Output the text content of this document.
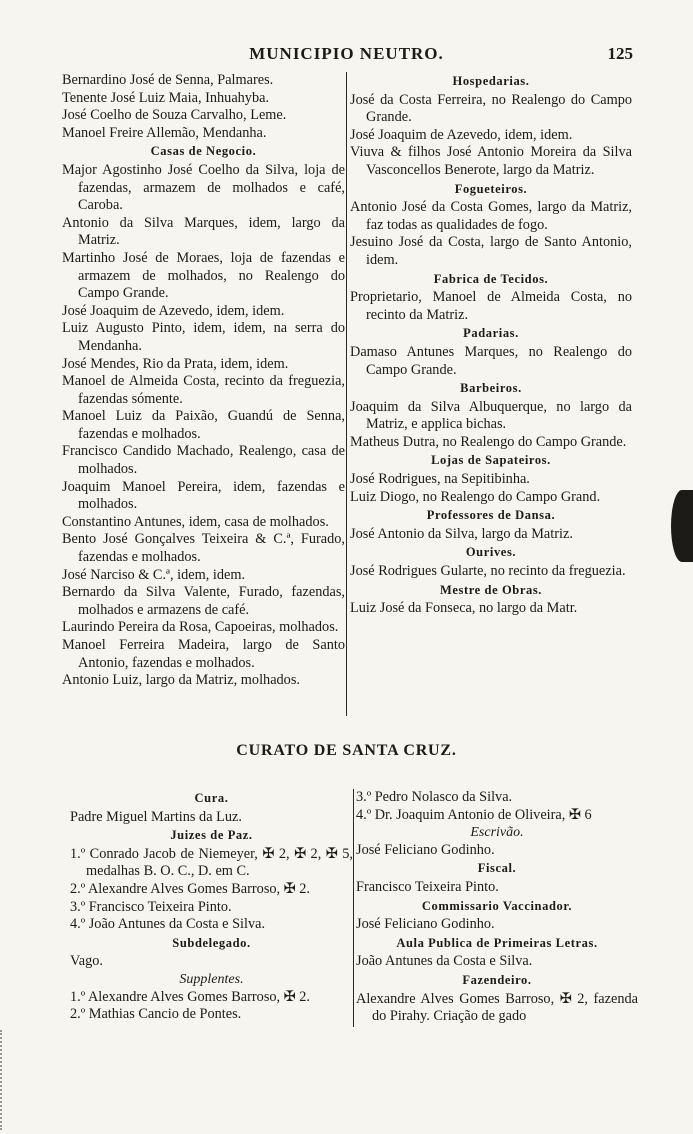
MUNICIPIO NEUTRO.	125
Bernardino José de Senna, Palmares.
Tenente José Luiz Maia, Inhuahyba.
José Coelho de Souza Carvalho, Leme.
Manoel Freire Allemão, Mendanha.
Casas de Negocio.
Major Agostinho José Coelho da Silva, loja de fazendas, armazem de molhados e café, Caroba.
Antonio da Silva Marques, idem, largo da Matriz.
Martinho José de Moraes, loja de fazendas e armazem de molhados, no Realengo do Campo Grande.
José Joaquim de Azevedo, idem, idem.
Luiz Augusto Pinto, idem, idem, na serra do Mendanha.
José Mendes, Rio da Prata, idem, idem.
Manoel de Almeida Costa, recinto da freguezia, fazendas sómente.
Manoel Luiz da Paixão, Guandú de Senna, fazendas e molhados.
Francisco Candido Machado, Realengo, casa de molhados.
Joaquim Manoel Pereira, idem, fazendas e molhados.
Constantino Antunes, idem, casa de molhados.
Bento José Gonçalves Teixeira & C.ª, Furado, fazendas e molhados.
José Narciso & C.ª, idem, idem.
Bernardo da Silva Valente, Furado, fazendas, molhados e armazens de café.
Laurindo Pereira da Rosa, Capoeiras, molhados.
Manoel Ferreira Madeira, largo de Santo Antonio, fazendas e molhados.
Antonio Luiz, largo da Matriz, molhados.
Hospedarias.
José da Costa Ferreira, no Realengo do Campo Grande.
José Joaquim de Azevedo, idem, idem.
Viuva & filhos José Antonio Moreira da Silva Vasconcellos Benerote, largo da Matriz.
Fogueteiros.
Antonio José da Costa Gomes, largo da Matriz, faz todas as qualidades de fogo.
Jesuino José da Costa, largo de Santo Antonio, idem.
Fabrica de Tecidos.
Proprietario, Manoel de Almeida Costa, no recinto da Matriz.
Padarias.
Damaso Antunes Marques, no Realengo do Campo Grande.
Barbeiros.
Joaquim da Silva Albuquerque, no largo da Matriz, e applica bichas.
Matheus Dutra, no Realengo do Campo Grande.
Lojas de Sapateiros.
José Rodrigues, na Sepitibinha.
Luiz Diogo, no Realengo do Campo Grand.
Professores de Dansa.
José Antonio da Silva, largo da Matriz.
Ourives.
José Rodrigues Gularte, no recinto da freguezia.
Mestre de Obras.
Luiz José da Fonseca, no largo da Matr.
CURATO DE SANTA CRUZ.
Cura.
Padre Miguel Martins da Luz.
Juizes de Paz.
1.º Conrado Jacob de Niemeyer, ✠ 2, ✠ 2, ✠ 5, medalhas B. O. C., D. em C.
2.º Alexandre Alves Gomes Barroso, ✠ 2.
3.º Francisco Teixeira Pinto.
4.º João Antunes da Costa e Silva.
Subdelegado.
Vago.
Supplentes.
1.º Alexandre Alves Gomes Barroso, ✠ 2.
2.º Mathias Cancio de Pontes.
3.º Pedro Nolasco da Silva.
4.º Dr. Joaquim Antonio de Oliveira, ✠ 6
Escrivão.
José Feliciano Godinho.
Fiscal.
Francisco Teixeira Pinto.
Commissario Vaccinador.
José Feliciano Godinho.
Aula Publica de Primeiras Letras.
João Antunes da Costa e Silva.
Fazendeiro.
Alexandre Alves Gomes Barroso, ✠ 2, fazenda do Pirahy. Criação de gado
